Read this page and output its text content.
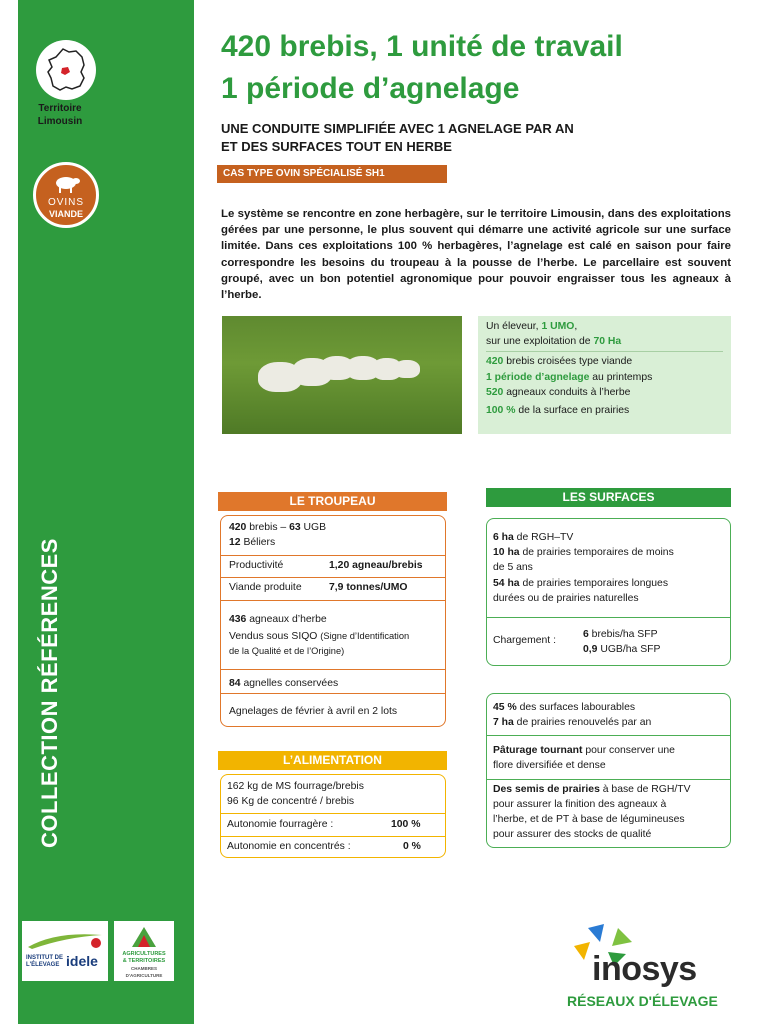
Territoire
Limousin
OVINS
VIANDE
COLLECTION RÉFÉRENCES
INSTITUT DE
L'ÉLEVAGE idele	AGRICULTURES
& TERRITOIRES
CHAMBRES D'AGRICULTURE
420 brebis, 1 unité de travail
1 période d’agnelage
UNE CONDUITE SIMPLIFIÉE AVEC 1 AGNELAGE PAR AN
ET DES SURFACES TOUT EN HERBE
CAS TYPE OVIN SPÉCIALISÉ SH1
Le système se rencontre en zone herbagère, sur le territoire Limousin, dans des exploitations gérées par une personne, le plus souvent qui démarre une activité agricole sur une surface limitée. Dans ces exploitations 100 % herbagères, l’agnelage est calé en saison pour faire correspondre les besoins du troupeau à la pousse de l’herbe. Le parcellaire est souvent groupé, avec un bon potentiel agronomique pour pouvoir engraisser tous les agneaux à l’herbe.
Un éleveur, 1 UMO,
sur une exploitation de 70 Ha
420 brebis croisées type viande
1 période d’agnelage au printemps
520 agneaux conduits à l’herbe
100 % de la surface en prairies
LE TROUPEAU
420 brebis – 63 UGB
12 Béliers
Productivité	1,20 agneau/brebis
Viande produite	7,9 tonnes/UMO
436 agneaux d’herbe
Vendus sous SIQO (Signe d’Identification
de la Qualité et de l’Origine)
84 agnelles conservées
Agnelages de février à avril en 2 lots
L’ALIMENTATION
162 kg de MS fourrage/brebis
96 Kg de concentré / brebis
Autonomie fourragère :	100 %
Autonomie en concentrés :	0 %
LES SURFACES
6 ha de RGH–TV
10 ha de prairies temporaires de moins
de 5 ans
54 ha de prairies temporaires longues
durées ou de prairies naturelles
Chargement :
6 brebis/ha SFP
0,9 UGB/ha SFP
45 % des surfaces labourables
7 ha de prairies renouvelés par an
Pâturage tournant pour conserver une
flore diversifiée et dense
Des semis de prairies à base de RGH/TV
pour assurer la finition des agneaux à
l’herbe, et de PT à base de légumineuses
pour assurer des stocks de qualité
inosys
RÉSEAUX D'ÉLEVAGE
